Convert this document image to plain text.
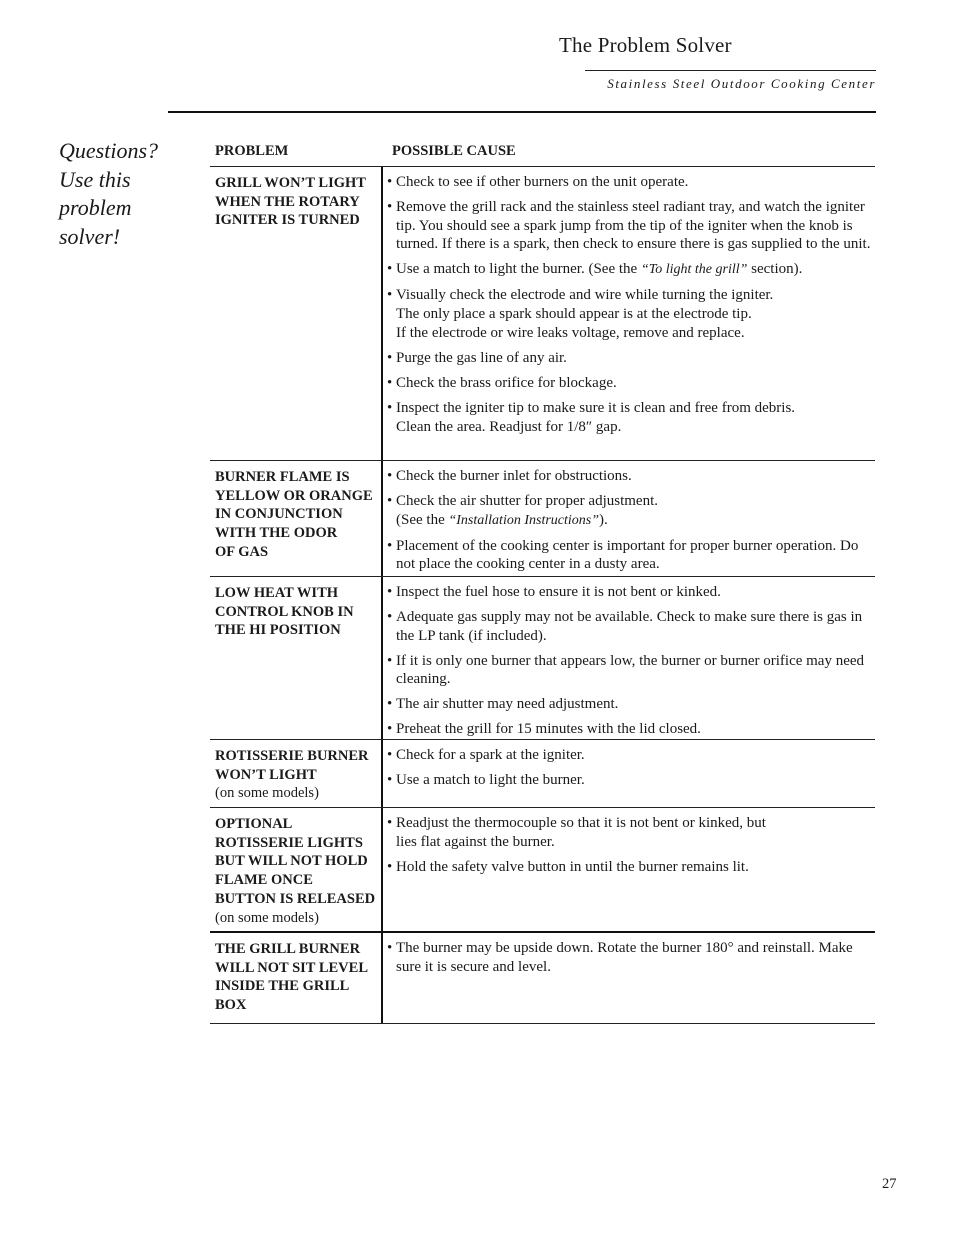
The Problem Solver
Stainless Steel Outdoor Cooking Center
Questions?
Use this
problem
solver!
PROBLEM	POSSIBLE CAUSE
GRILL WON’T LIGHT
WHEN THE ROTARY
IGNITER IS TURNED
• Check to see if other burners on the unit operate.
• Remove the grill rack and the stainless steel radiant tray, and watch the igniter tip. You should see a spark jump from the tip of the igniter when the knob is turned. If there is a spark, then check to ensure there is gas supplied to the unit.
• Use a match to light the burner. (See the “To light the grill” section).
• Visually check the electrode and wire while turning the igniter.
The only place a spark should appear is at the electrode tip.
If the electrode or wire leaks voltage, remove and replace.
• Purge the gas line of any air.
• Check the brass orifice for blockage.
• Inspect the igniter tip to make sure it is clean and free from debris.
Clean the area. Readjust for 1/8″ gap.
BURNER FLAME IS
YELLOW OR ORANGE
IN CONJUNCTION
WITH THE ODOR
OF GAS
• Check the burner inlet for obstructions.
• Check the air shutter for proper adjustment.
(See the “Installation Instructions”).
• Placement of the cooking center is important for proper burner operation. Do not place the cooking center in a dusty area.
LOW HEAT WITH
CONTROL KNOB IN
THE HI POSITION
• Inspect the fuel hose to ensure it is not bent or kinked.
• Adequate gas supply may not be available. Check to make sure there is gas in the LP tank (if included).
• If it is only one burner that appears low, the burner or burner orifice may need cleaning.
• The air shutter may need adjustment.
• Preheat the grill for 15 minutes with the lid closed.
ROTISSERIE BURNER
WON’T LIGHT
(on some models)
• Check for a spark at the igniter.
• Use a match to light the burner.
OPTIONAL
ROTISSERIE LIGHTS
BUT WILL NOT HOLD
FLAME ONCE
BUTTON IS RELEASED
(on some models)
• Readjust the thermocouple so that it is not bent or kinked, but
lies flat against the burner.
• Hold the safety valve button in until the burner remains lit.
THE GRILL BURNER
WILL NOT SIT LEVEL
INSIDE THE GRILL
BOX
• The burner may be upside down. Rotate the burner 180° and reinstall. Make sure it is secure and level.
27
